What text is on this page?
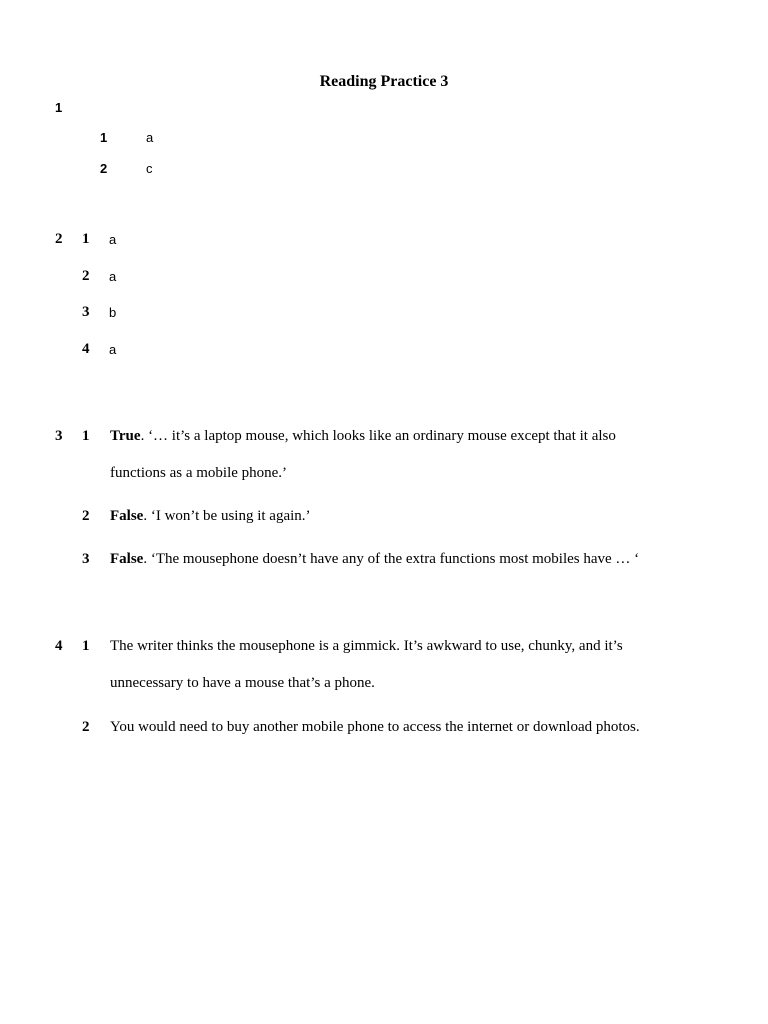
Reading Practice 3
1
1	a
2	c
2 1 a
2 a
3 b
4 a
3 1 True. ‘… it’s a laptop mouse, which looks like an ordinary mouse except that it also
functions as a mobile phone.’
2 False. ‘I won’t be using it again.’
3 False. ‘The mousephone doesn’t have any of the extra functions most mobiles have … ‘
4 1 The writer thinks the mousephone is a gimmick. It’s awkward to use, chunky, and it’s
unnecessary to have a mouse that’s a phone.
2 You would need to buy another mobile phone to access the internet or download photos.
